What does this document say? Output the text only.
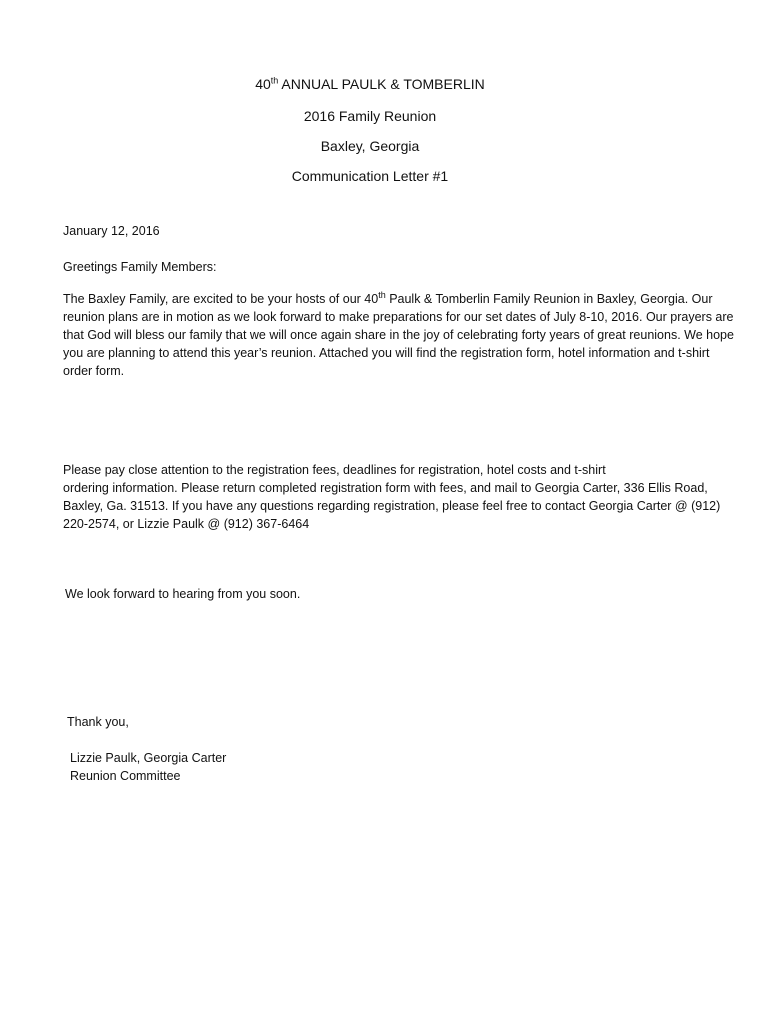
40th ANNUAL PAULK & TOMBERLIN
2016 Family Reunion
Baxley, Georgia
Communication Letter #1
January 12, 2016
Greetings Family Members:
The Baxley Family, are excited to be your hosts of our 40th Paulk & Tomberlin Family Reunion in Baxley, Georgia. Our
reunion plans are in motion as we look forward to make preparations for our set dates of July 8-10, 2016. Our prayers are
that God will bless our family that we will once again share in the joy of celebrating forty years of great reunions. We hope
you are planning to attend this year’s reunion. Attached you will find the registration form, hotel information and t-shirt
order form.
Please pay close attention to the registration fees, deadlines for registration, hotel costs and t-shirt
ordering information. Please return completed registration form with fees, and mail to Georgia Carter, 336 Ellis Road,
Baxley, Ga. 31513. If you have any questions regarding registration, please feel free to contact Georgia Carter @ (912)
220-2574, or Lizzie Paulk @ (912) 367-6464
We look forward to hearing from you soon.
Thank you,
Lizzie Paulk, Georgia Carter
Reunion Committee
